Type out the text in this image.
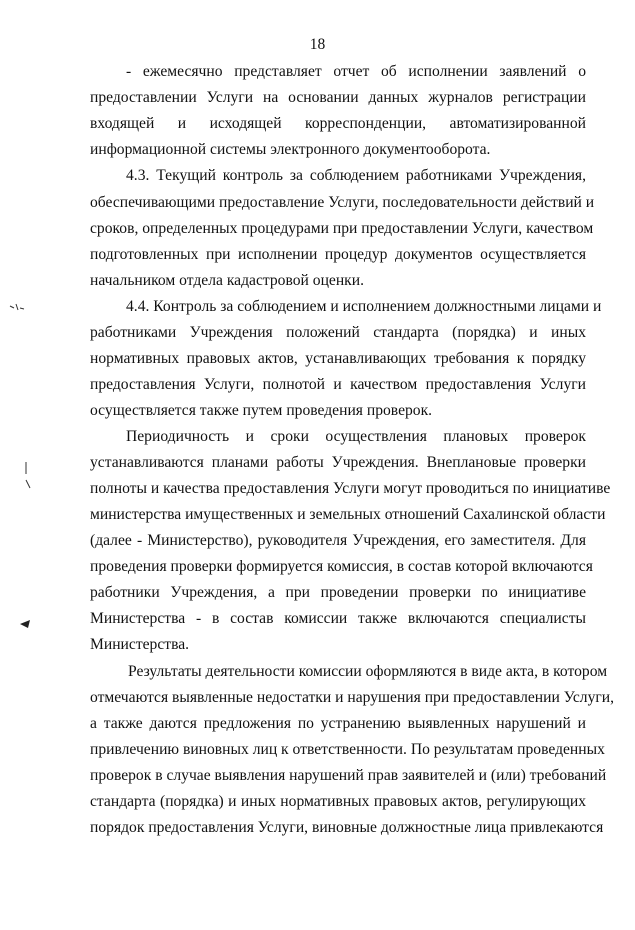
18
- ежемесячно представляет отчет об исполнении заявлений о
предоставлении Услуги на основании данных журналов регистрации
входящей и исходящей корреспонденции, автоматизированной
информационной системы электронного документооборота.
4.3. Текущий контроль за соблюдением работниками Учреждения,
обеспечивающими предоставление Услуги, последовательности действий и
сроков, определенных процедурами при предоставлении Услуги, качеством
подготовленных при исполнении процедур документов осуществляется
начальником отдела кадастровой оценки.
4.4. Контроль за соблюдением и исполнением должностными лицами и
работниками Учреждения положений стандарта (порядка) и иных
нормативных правовых актов, устанавливающих требования к порядку
предоставления Услуги, полнотой и качеством предоставления Услуги
осуществляется также путем проведения проверок.
Периодичность и сроки осуществления плановых проверок
устанавливаются планами работы Учреждения. Внеплановые проверки
полноты и качества предоставления Услуги могут проводиться по инициативе
министерства имущественных и земельных отношений Сахалинской области
(далее - Министерство), руководителя Учреждения, его заместителя. Для
проведения проверки формируется комиссия, в состав которой включаются
работники Учреждения, а при проведении проверки по инициативе
Министерства - в состав комиссии также включаются специалисты
Министерства.
Результаты деятельности комиссии оформляются в виде акта, в котором
отмечаются выявленные недостатки и нарушения при предоставлении Услуги,
а также даются предложения по устранению выявленных нарушений и
привлечению виновных лиц к ответственности. По результатам проведенных
проверок в случае выявления нарушений прав заявителей и (или) требований
стандарта (порядка) и иных нормативных правовых актов, регулирующих
порядок предоставления Услуги, виновные должностные лица привлекаются
